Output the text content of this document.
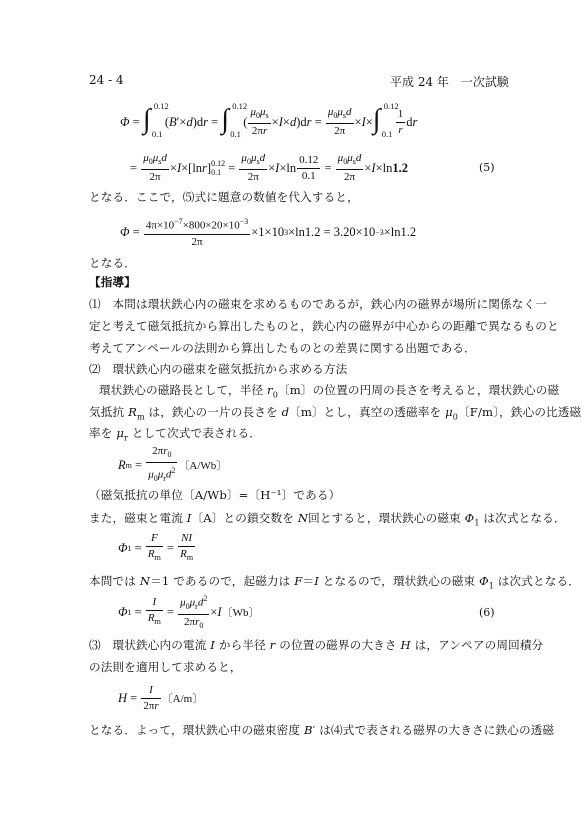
24 - 4	平成 24 年　一次試験
Φ = ∫ 0.12
0.1
( B ′× d )d r = ∫ 0.12
0.1
( $\frac{\mu_0\mu_s}{2\pi r} \times I \times d$ )d $r = \frac{\mu_0\mu_sd}{2\pi} \times I$ × ∫ 0.12
$0.1 \frac{1}{r}$ d r
= $\frac{\mu_0\mu_sd}{2\pi} \times I \times[\ln$ r ] 0.12
$0.1 = \frac{\mu_0\mu_sd}{2\pi} \times I \times\ln \frac{0.12}{0.1} = \frac{\mu_0\mu_sd}{2\pi} \times I \times\ln$ 1.2	(5)
となる．ここで，⑸式に題意の数値を代入すると，
$\Phi = \frac{4\pi\times 10^{-7}\times 800\times 20\times 10^{-3}}{2\pi} \times 1\times 10$ 3 ×ln1.2 = 3.20×10 −3 ×ln1.2
となる．
【指導】
⑴　本問は環状鉄心内の磁束を求めるものであるが，鉄心内の磁界が場所に関係なく一
定と考えて磁気抵抗から算出したものと，鉄心内の磁界が中心からの距離で異なるものと
考えてアンペールの法則から算出したものとの差異に関する出題である．
⑵　環状鉄心内の磁束を磁気抵抗から求める方法
環状鉄心の磁路長として，半径 $r_0$〔m〕の位置の円周の長さを考えると，環状鉄心の磁
気抵抗 $R_m$ は，鉄心の一片の長さを d〔m〕とし，真空の透磁率を $\mu_0$〔F/m〕，鉄心の比透磁
率を $\mu_r$ として次式で表される．
R $m = \frac{2\pi r_0}{\mu_0\mu_rd^2}$ 〔A/Wb〕
（磁気抵抗の単位〔A/Wb〕=〔H⁻¹〕である）
また，磁束と電流 I〔A〕との鎖交数を N回とすると，環状鉄心の磁束 $\Phi_1$ は次式となる．
Φ $1 = \frac{F}{R_m} = \frac{NI}{R_m}$
本問では N＝1 であるので，起磁力は F＝I となるので，環状鉄心の磁束 $\Phi_1$ は次式となる．
Φ $1 = \frac{I}{R_m} = \frac{\mu_0\mu_rd^2}{2\pi r_0} \times I$ 〔Wb〕	(6)
⑶　環状鉄心内の電流 I から半径 r の位置の磁界の大きさ H は，アンペアの周回積分
の法則を適用して求めると，
$H = \frac{I}{2\pi r}$ 〔A/m〕
となる．よって，環状鉄心中の磁束密度 B′ は⑷式で表される磁界の大きさに鉄心の透磁
